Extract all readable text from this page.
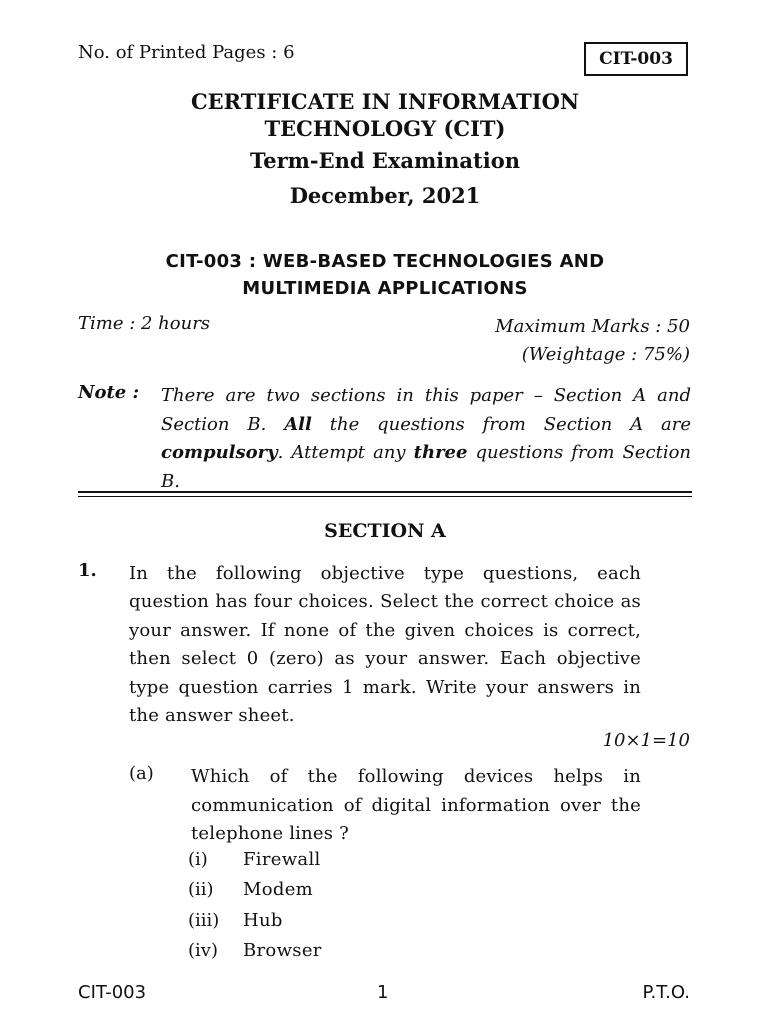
No. of Printed Pages : 6	CIT-003
CERTIFICATE IN INFORMATION
TECHNOLOGY (CIT)
Term-End Examination
December, 2021
CIT-003 : WEB-BASED TECHNOLOGIES AND
MULTIMEDIA APPLICATIONS
Time : 2 hours	Maximum Marks : 50
(Weightage : 75%)
Note : There are two sections in this paper – Section A and Section B. All the questions from Section A are compulsory. Attempt any three questions from Section B.
SECTION A
1. In the following objective type questions, each question has four choices. Select the correct choice as your answer. If none of the given choices is correct, then select 0 (zero) as your answer. Each objective type question carries 1 mark. Write your answers in the answer sheet.
10×1=10
(a) Which of the following devices helps in communication of digital information over the telephone lines ?
(i) Firewall
(ii) Modem
(iii) Hub
(iv) Browser
CIT-003	1	P.T.O.
